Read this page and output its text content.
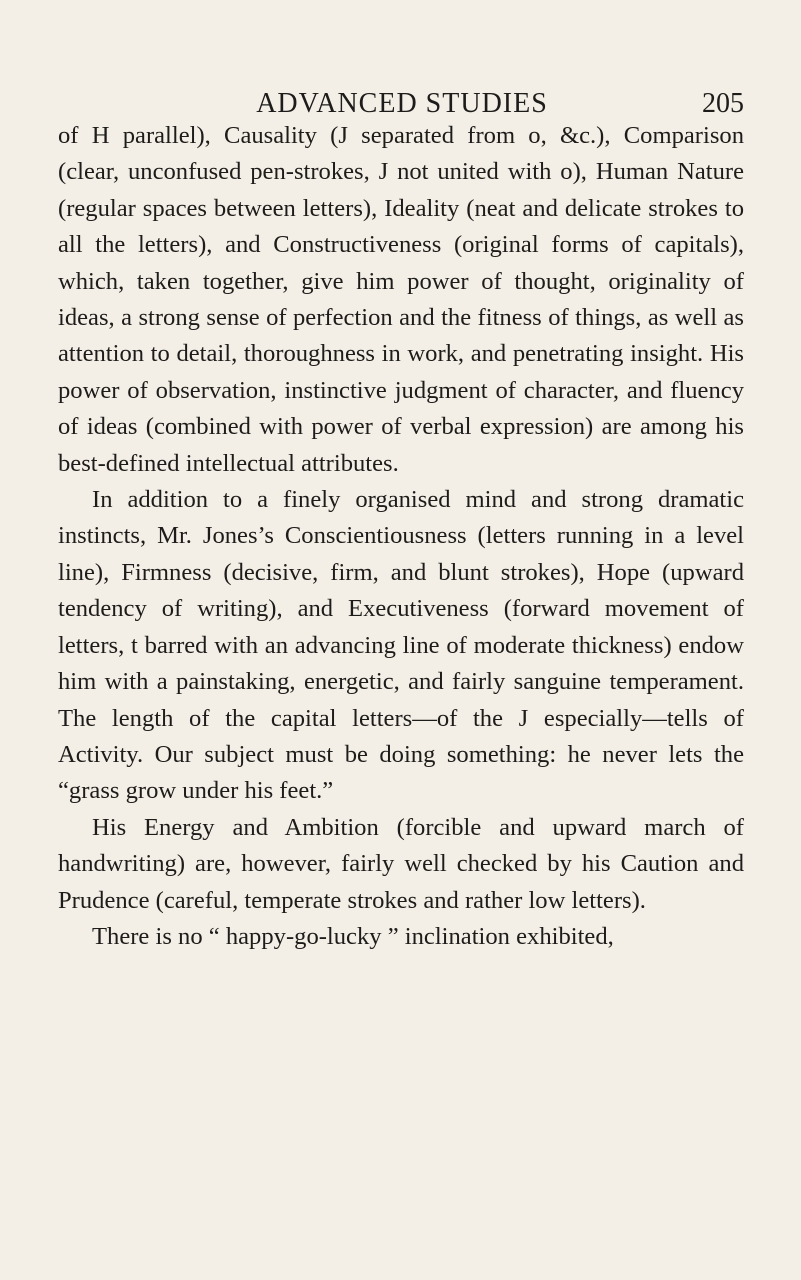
ADVANCED STUDIES	205

of H parallel), Causality (J separated from o, &c.), Comparison (clear, unconfused pen-strokes, J not united with o), Human Nature (regular spaces between letters), Ideality (neat and delicate strokes to all the letters), and Constructiveness (original forms of capitals), which, taken together, give him power of thought, originality of ideas, a strong sense of perfection and the fitness of things, as well as attention to detail, thoroughness in work, and penetrating insight. His power of observation, instinctive judgment of character, and fluency of ideas (combined with power of verbal expression) are among his best-defined intellectual attributes.

In addition to a finely organised mind and strong dramatic instincts, Mr. Jones’s Conscientiousness (letters running in a level line), Firmness (decisive, firm, and blunt strokes), Hope (upward tendency of writing), and Executiveness (forward movement of letters, t barred with an advancing line of moderate thickness) endow him with a painstaking, energetic, and fairly sanguine temperament. The length of the capital letters—of the J especially—tells of Activity. Our subject must be doing something: he never lets the “grass grow under his feet.”

His Energy and Ambition (forcible and upward march of handwriting) are, however, fairly well checked by his Caution and Prudence (careful, temperate strokes and rather low letters).

There is no “ happy-go-lucky ” inclination exhibited,
